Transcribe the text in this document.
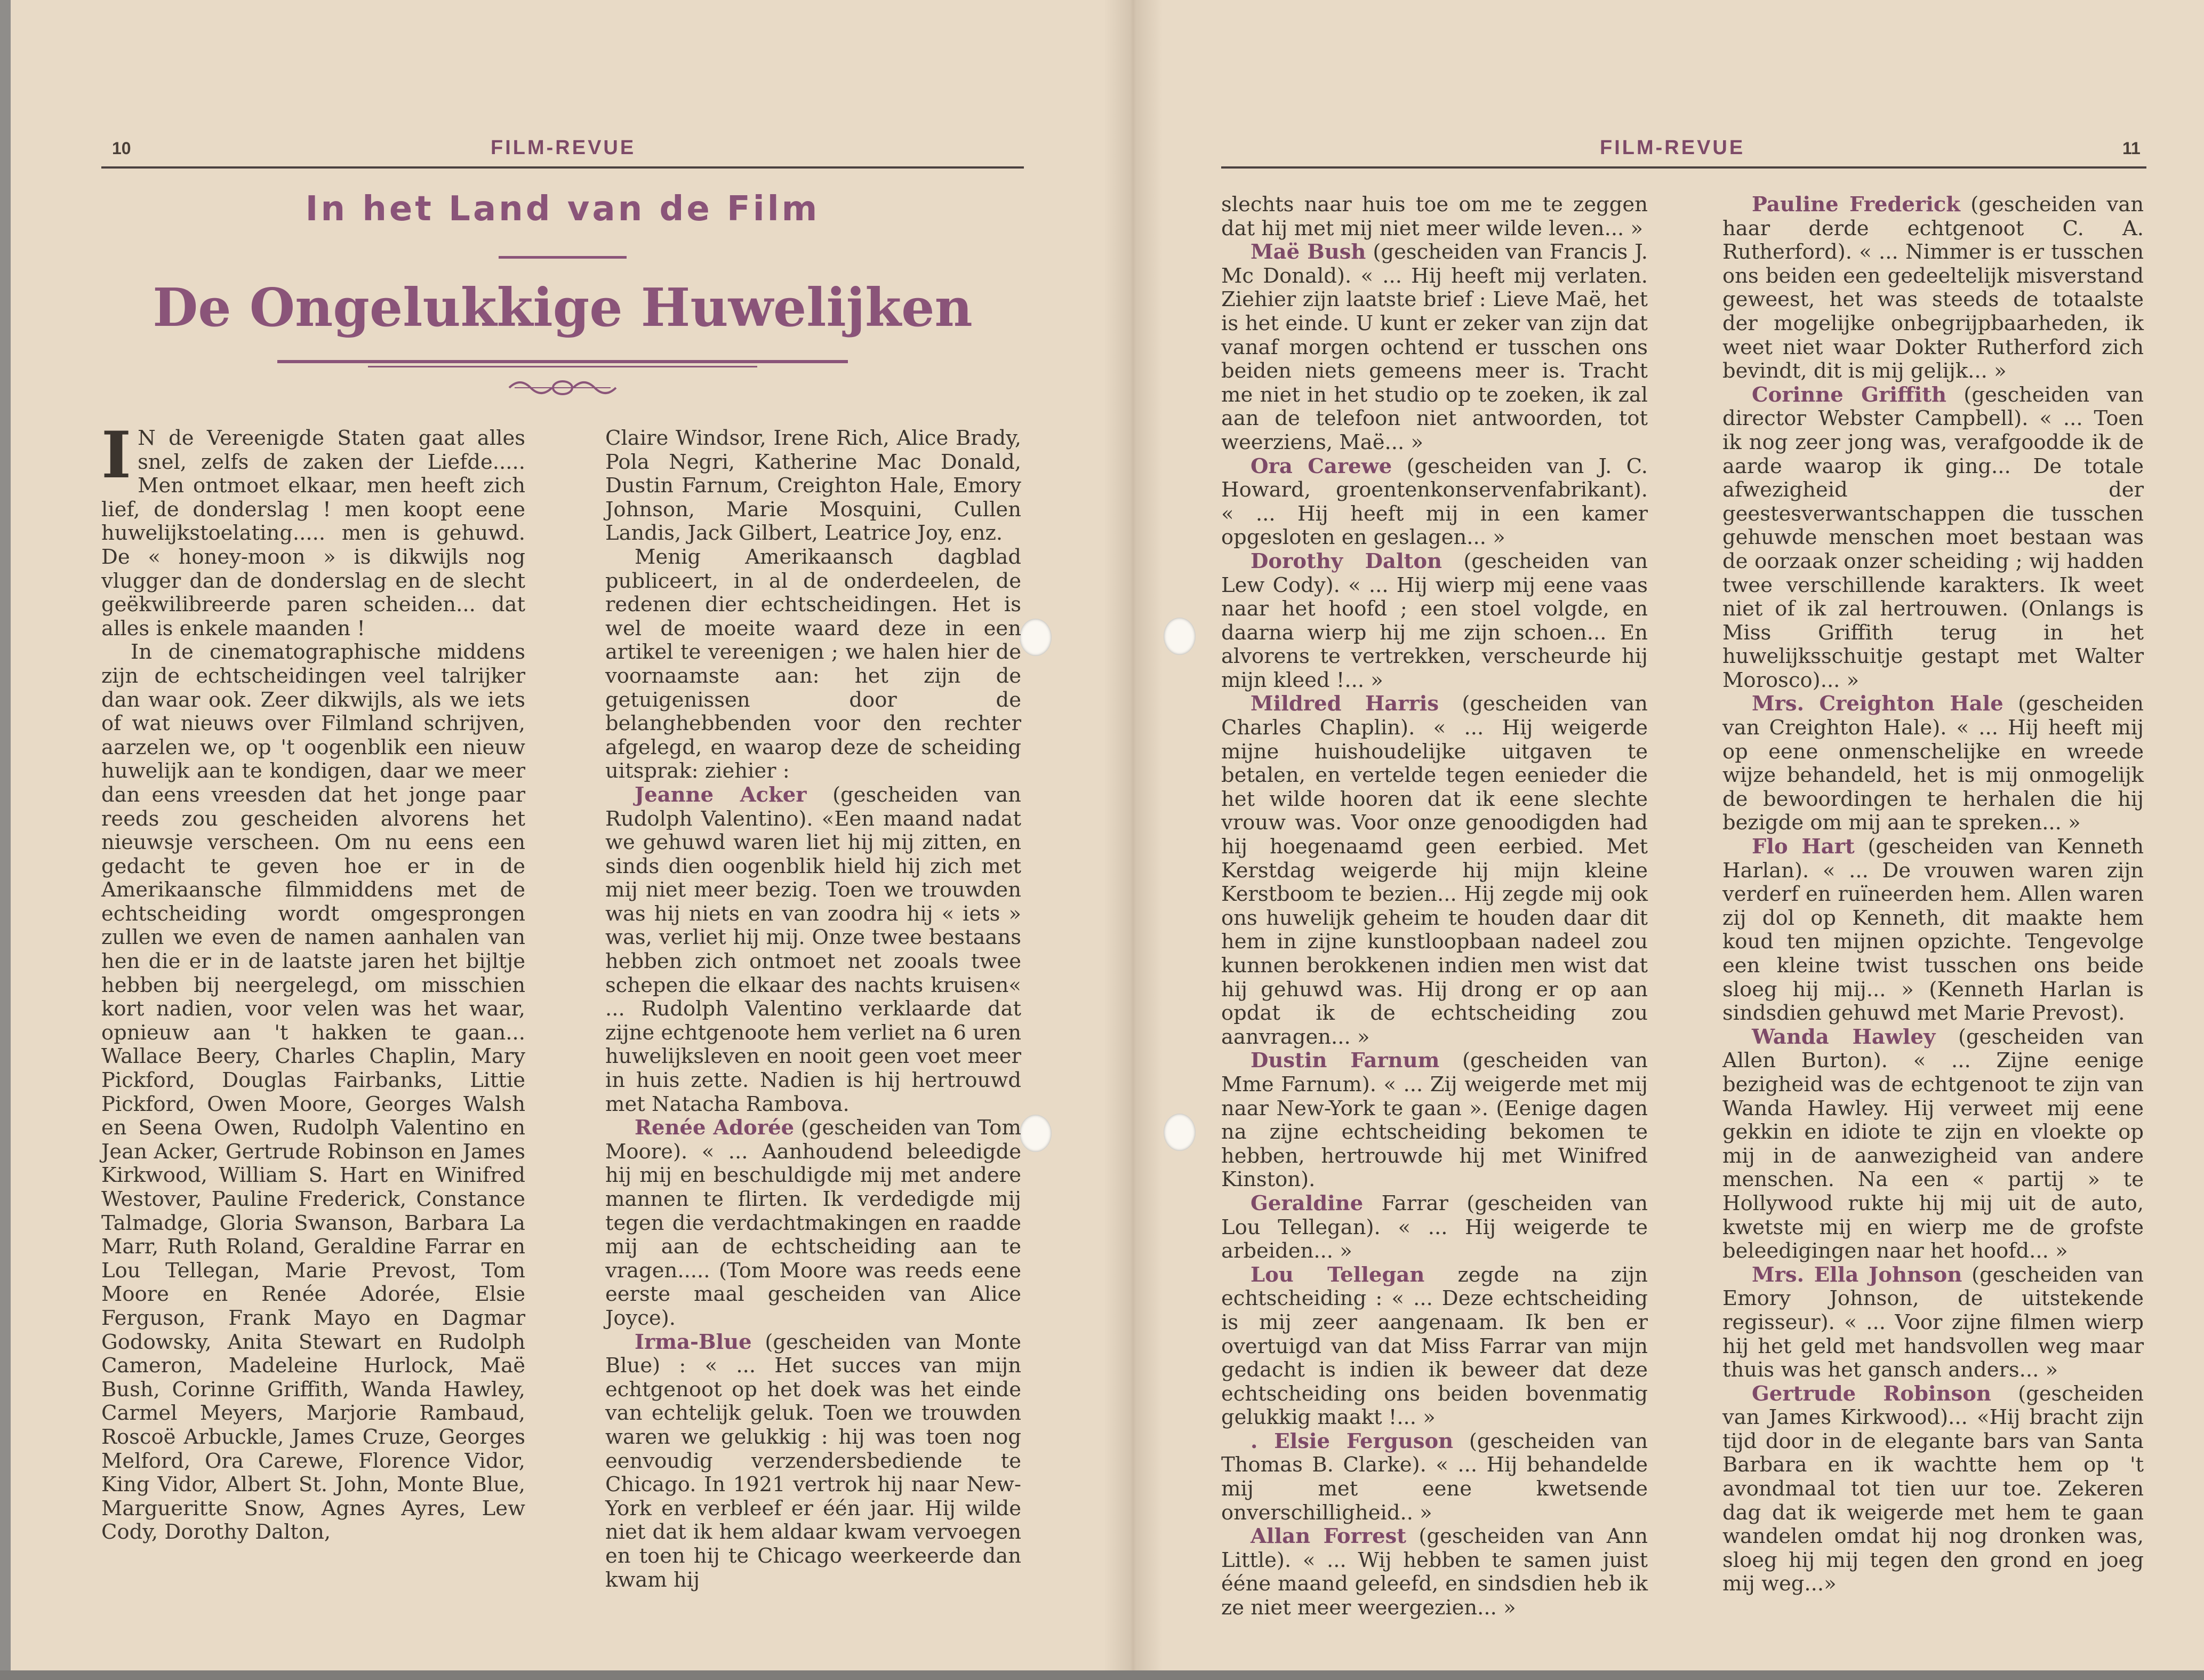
10	FILM-REVUE
In het Land van de Film
De Ongelukkige Huwelijken

I N de Vereenigde Staten gaat alles snel, zelfs de zaken der Liefde..... Men ontmoet elkaar, men heeft zich lief, de donderslag ! men koopt eene huwelijkstoelating..... men is gehuwd. De « honey-moon » is dikwijls nog vlugger dan de donderslag en de slecht geëkwilibreerde paren scheiden... dat alles is enkele maanden !

In de cinematographische middens zijn de echtscheidingen veel talrijker dan waar ook. Zeer dikwijls, als we iets of wat nieuws over Filmland schrijven, aarzelen we, op 't oogenblik een nieuw huwelijk aan te kondigen, daar we meer dan eens vreesden dat het jonge paar reeds zou gescheiden alvorens het nieuwsje verscheen. Om nu eens een gedacht te geven hoe er in de Amerikaansche filmmiddens met de echtscheiding wordt omgesprongen zullen we even de namen aanhalen van hen die er in de laatste jaren het bijltje hebben bij neergelegd, om misschien kort nadien, voor velen was het waar, opnieuw aan 't hakken te gaan... Wallace Beery, Charles Chaplin, Mary Pickford, Douglas Fairbanks, Littie Pickford, Owen Moore, Georges Walsh en Seena Owen, Rudolph Valentino en Jean Acker, Gertrude Robinson en James Kirkwood, William S. Hart en Winifred Westover, Pauline Frederick, Constance Talmadge, Gloria Swanson, Barbara La Marr, Ruth Roland, Geraldine Farrar en Lou Tellegan, Marie Prevost, Tom Moore en Renée Adorée, Elsie Ferguson, Frank Mayo en Dagmar Godowsky, Anita Stewart en Rudolph Cameron, Madeleine Hurlock, Maë Bush, Corinne Griffith, Wanda Hawley, Carmel Meyers, Marjorie Rambaud, Roscoë Arbuckle, James Cruze, Georges Melford, Ora Carewe, Florence Vidor, King Vidor, Albert St. John, Monte Blue, Margueritte Snow, Agnes Ayres, Lew Cody, Dorothy Dalton,

Claire Windsor, Irene Rich, Alice Brady, Pola Negri, Katherine Mac Donald, Dustin Farnum, Creighton Hale, Emory Johnson, Marie Mosquini, Cullen Landis, Jack Gilbert, Leatrice Joy, enz.

Menig Amerikaansch dagblad publiceert, in al de onderdeelen, de redenen dier echtscheidingen. Het is wel de moeite waard deze in een artikel te vereenigen ; we halen hier de voornaamste aan: het zijn de getuigenissen door de belanghebbenden voor den rechter afgelegd, en waarop deze de scheiding uitsprak: ziehier :

Jeanne Acker (gescheiden van Rudolph Valentino). «Een maand nadat we gehuwd waren liet hij mij zitten, en sinds dien oogenblik hield hij zich met mij niet meer bezig. Toen we trouwden was hij niets en van zoodra hij « iets » was, verliet hij mij. Onze twee bestaans hebben zich ontmoet net zooals twee schepen die elkaar des nachts kruisen« ... Rudolph Valentino verklaarde dat zijne echtgenoote hem verliet na 6 uren huwelijksleven en nooit geen voet meer in huis zette. Nadien is hij hertrouwd met Natacha Rambova.

Renée Adorée (gescheiden van Tom Moore). « ... Aanhoudend beleedigde hij mij en beschuldigde mij met andere mannen te flirten. Ik verdedigde mij tegen die verdachtmakingen en raadde mij aan de echtscheiding aan te vragen..... (Tom Moore was reeds eene eerste maal gescheiden van Alice Joyce).

Irma-Blue (gescheiden van Monte Blue) : « ... Het succes van mijn echtgenoot op het doek was het einde van echtelijk geluk. Toen we trouwden waren we gelukkig : hij was toen nog eenvoudig verzendersbediende te Chicago. In 1921 vertrok hij naar New-York en verbleef er één jaar. Hij wilde niet dat ik hem aldaar kwam vervoegen en toen hij te Chicago weerkeerde dan kwam hij

FILM-REVUE	11

slechts naar huis toe om me te zeggen dat hij met mij niet meer wilde leven... »

Maë Bush (gescheiden van Francis J. Mc Donald). « ... Hij heeft mij verlaten. Ziehier zijn laatste brief : Lieve Maë, het is het einde. U kunt er zeker van zijn dat vanaf morgen ochtend er tusschen ons beiden niets gemeens meer is. Tracht me niet in het studio op te zoeken, ik zal aan de telefoon niet antwoorden, tot weerziens, Maë... »

Ora Carewe (gescheiden van J. C. Howard, groentenkonservenfabrikant). « ... Hij heeft mij in een kamer opgesloten en geslagen... »

Dorothy Dalton (gescheiden van Lew Cody). « ... Hij wierp mij eene vaas naar het hoofd ; een stoel volgde, en daarna wierp hij me zijn schoen... En alvorens te vertrekken, verscheurde hij mijn kleed !... »

Mildred Harris (gescheiden van Charles Chaplin). « ... Hij weigerde mijne huishoudelijke uitgaven te betalen, en vertelde tegen eenieder die het wilde hooren dat ik eene slechte vrouw was. Voor onze genoodigden had hij hoegenaamd geen eerbied. Met Kerstdag weigerde hij mijn kleine Kerstboom te bezien... Hij zegde mij ook ons huwelijk geheim te houden daar dit hem in zijne kunstloopbaan nadeel zou kunnen berokkenen indien men wist dat hij gehuwd was. Hij drong er op aan opdat ik de echtscheiding zou aanvragen... »

Dustin Farnum (gescheiden van Mme Farnum). « ... Zij weigerde met mij naar New-York te gaan ». (Eenige dagen na zijne echtscheiding bekomen te hebben, hertrouwde hij met Winifred Kinston).

Geraldine Farrar (gescheiden van Lou Tellegan). « ... Hij weigerde te arbeiden... »

Lou Tellegan zegde na zijn echtscheiding : « ... Deze echtscheiding is mij zeer aangenaam. Ik ben er overtuigd van dat Miss Farrar van mijn gedacht is indien ik beweer dat deze echtscheiding ons beiden bovenmatig gelukkig maakt !... »

. Elsie Ferguson (gescheiden van Thomas B. Clarke). « ... Hij behandelde mij met eene kwetsende onverschilligheid.. »

Allan Forrest (gescheiden van Ann Little). « ... Wij hebben te samen juist ééne maand geleefd, en sindsdien heb ik ze niet meer weergezien... »

Pauline Frederick (gescheiden van haar derde echtgenoot C. A. Rutherford). « ... Nimmer is er tusschen ons beiden een gedeeltelijk misverstand geweest, het was steeds de totaalste der mogelijke onbegrijpbaarheden, ik weet niet waar Dokter Rutherford zich bevindt, dit is mij gelijk... »

Corinne Griffith (gescheiden van directoг Webster Campbell). « ... Toen ik nog zeer jong was, verafgoodde ik de aarde waarop ik ging... De totale afwezigheid der geestesverwantschappen die tusschen gehuwde menschen moet bestaan was de oorzaak onzer scheiding ; wij hadden twee verschillende karakters. Ik weet niet of ik zal hertrouwen. (Onlangs is Miss Griffith terug in het huwelijksschuitje gestapt met Walter Morosco)... »

Mrs. Creighton Hale (gescheiden van Creighton Hale). « ... Hij heeft mij op eene onmenschelijke en wreede wijze behandeld, het is mij onmogelijk de bewoordingen te herhalen die hij bezigde om mij aan te spreken... »

Flo Hart (gescheiden van Kenneth Harlan). « ... De vrouwen waren zijn verderf en ruïneerden hem. Allen waren zij dol op Kenneth, dit maakte hem koud ten mijnen opzichte. Tengevolge een kleine twist tusschen ons beide sloeg hij mij... » (Kenneth Harlan is sindsdien gehuwd met Marie Prevost).

Wanda Hawley (gescheiden van Allen Burton). « ... Zijne eenige bezigheid was de echtgenoot te zijn van Wanda Hawley. Hij verweet mij eene gekkin en idiote te zijn en vloekte op mij in de aanwezigheid van andere menschen. Na een « partij » te Hollywood rukte hij mij uit de auto, kwetste mij en wierp me de grofste beleedigingen naar het hoofd... »

Mrs. Ella Johnson (gescheiden van Emory Johnson, de uitstekende regisseur). « ... Voor zijne filmen wierp hij het geld met handsvollen weg maar thuis was het gansch anders... »

Gertrude Robinson (gescheiden van James Kirkwood)... «Hij bracht zijn tijd door in de elegante bars van Santa Barbara en ik wachtte hem op 't avondmaal tot tien uur toe. Zekeren dag dat ik weigerde met hem te gaan wandelen omdat hij nog dronken was, sloeg hij mij tegen den grond en joeg mij weg...»
